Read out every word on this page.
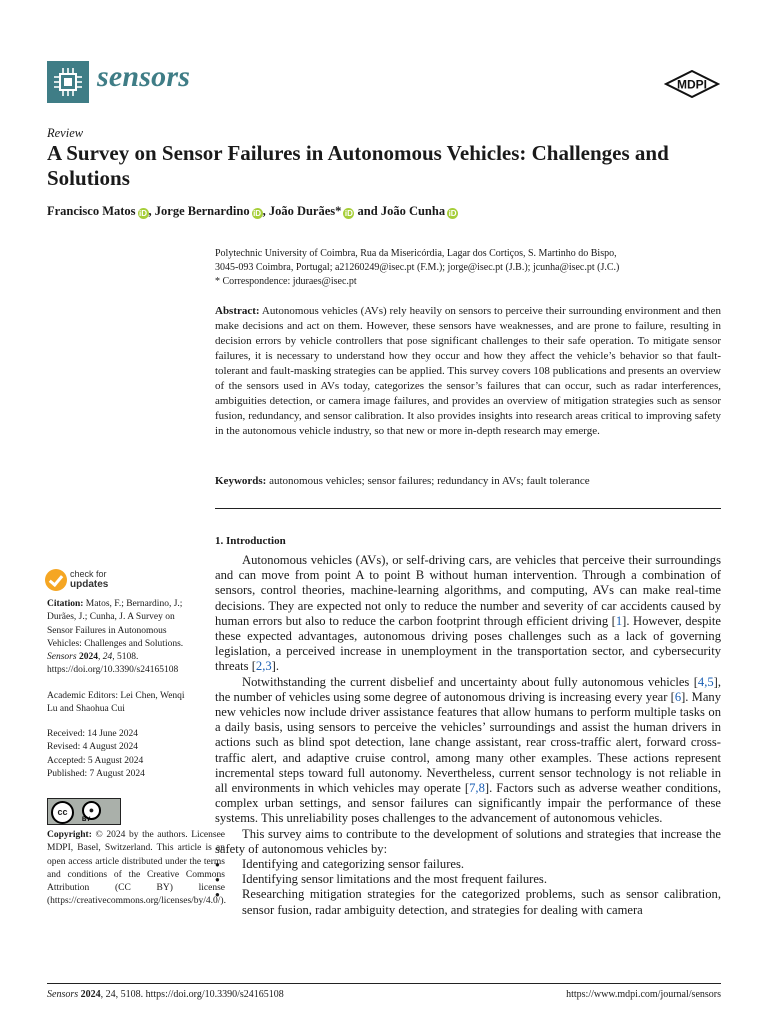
sensors	MDPI
Review
A Survey on Sensor Failures in Autonomous Vehicles: Challenges and Solutions
Francisco Matos iD , Jorge Bernardino iD , João Durães* iD and João Cunha iD
Polytechnic University of Coimbra, Rua da Misericórdia, Lagar dos Cortiços, S. Martinho do Bispo,
3045-093 Coimbra, Portugal; a21260249@isec.pt (F.M.); jorge@isec.pt (J.B.); jcunha@isec.pt (J.C.)
* Correspondence: jduraes@isec.pt
Abstract: Autonomous vehicles (AVs) rely heavily on sensors to perceive their surrounding environment and then make decisions and act on them. However, these sensors have weaknesses, and are prone to failure, resulting in decision errors by vehicle controllers that pose significant challenges to their safe operation. To mitigate sensor failures, it is necessary to understand how they occur and how they affect the vehicle’s behavior so that fault-tolerant and fault-masking strategies can be applied. This survey covers 108 publications and presents an overview of the sensors used in AVs today, categorizes the sensor’s failures that can occur, such as radar interferences, ambiguities detection, or camera image failures, and provides an overview of mitigation strategies such as sensor fusion, redundancy, and sensor calibration. It also provides insights into research areas critical to improving safety in the autonomous vehicle industry, so that new or more in-depth research may emerge.
Keywords: autonomous vehicles; sensor failures; redundancy in AVs; fault tolerance
check for
updates
Citation: Matos, F.; Bernardino, J.; Durães, J.; Cunha, J. A Survey on Sensor Failures in Autonomous Vehicles: Challenges and Solutions. Sensors 2024, 24, 5108. https://doi.org/10.3390/s24165108
Academic Editors: Lei Chen, Wenqi Lu and Shaohua Cui
Received: 14 June 2024
Revised: 4 August 2024
Accepted: 5 August 2024
Published: 7 August 2024
cc	●
BY
Copyright: © 2024 by the authors. Licensee MDPI, Basel, Switzerland. This article is an open access article distributed under the terms and conditions of the Creative Commons Attribution (CC BY) license (https://creativecommons.org/licenses/by/4.0/).
1. Introduction

Autonomous vehicles (AVs), or self-driving cars, are vehicles that perceive their surroundings and can move from point A to point B without human intervention. Through a combination of sensors, control theories, machine-learning algorithms, and computing, AVs can make real-time decisions. They are expected not only to reduce the number and severity of car accidents caused by human errors but also to reduce the carbon footprint through efficient driving [1]. However, despite these expected advantages, autonomous driving poses challenges such as a lack of governing legislation, a perceived increase in unemployment in the transportation sector, and cybersecurity threats [2,3].

Notwithstanding the current disbelief and uncertainty about fully autonomous vehicles [4,5], the number of vehicles using some degree of autonomous driving is increasing every year [6]. Many new vehicles now include driver assistance features that allow humans to perform multiple tasks on a daily basis, using sensors to perceive the vehicles’ surroundings and assist the human drivers in actions such as blind spot detection, lane change assistant, rear cross-traffic alert, forward cross-traffic alert, and adaptive cruise control, among many other examples. These actions represent incremental steps toward full autonomy. Nevertheless, current sensor technology is not reliable in all environments in which vehicles may operate [7,8]. Factors such as adverse weather conditions, complex urban settings, and sensor failures can significantly impair the performance of these systems. This unreliability poses challenges to the advancement of autonomous vehicles.

This survey aims to contribute to the development of solutions and strategies that increase the safety of autonomous vehicles by:

● Identifying and categorizing sensor failures.
● Identifying sensor limitations and the most frequent failures.
● Researching mitigation strategies for the categorized problems, such as sensor calibration, sensor fusion, radar ambiguity detection, and strategies for dealing with camera
Sensors 2024, 24, 5108. https://doi.org/10.3390/s24165108	https://www.mdpi.com/journal/sensors
